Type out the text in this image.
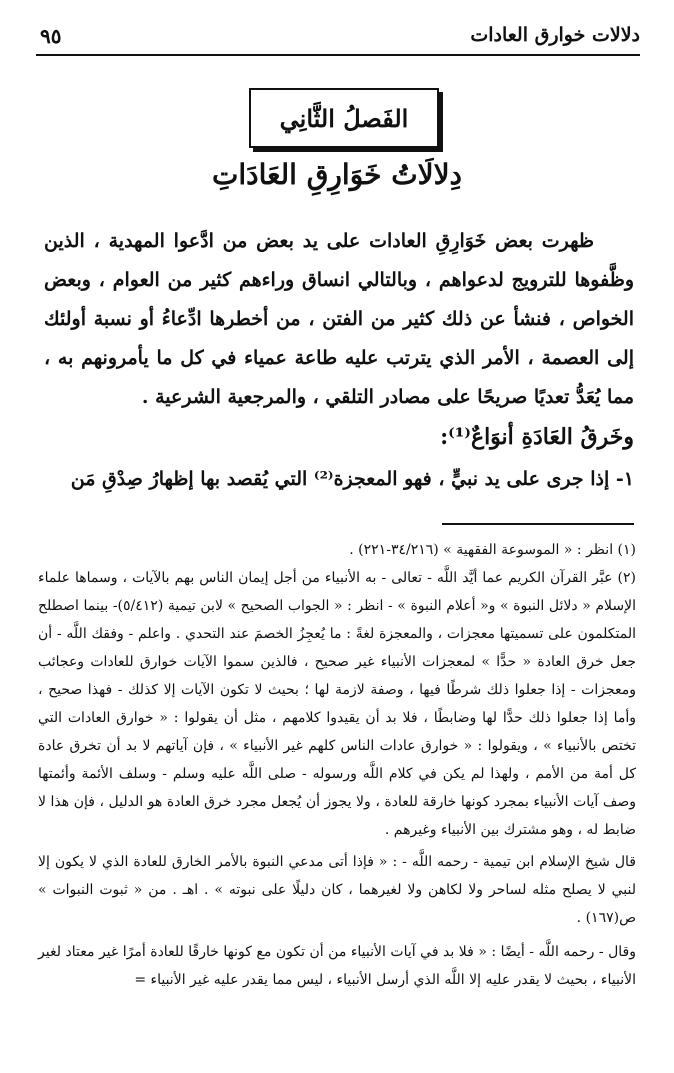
٩٥	دلالات خوارق العادات
الفَصلُ الثَّانِي
دِلالَاتُ خَوَارِقِ العَادَاتِ

ظهرت بعض خَوَارِقِ العادات على يد بعض من ادَّعوا المهدية ، الذين وظَّفوها للترويج لدعواهم ، وبالتالي انساق وراءهم كثير من العوام ، وبعض الخواص ، فنشأ عن ذلك كثير من الفتن ، من أخطرها ادِّعاءُ أو نسبة أولئك إلى العصمة ، الأمر الذي يترتب عليه طاعة عمياء في كل ما يأمرونهم به ، مما يُعَدُّ تعديًا صريحًا على مصادر التلقي ، والمرجعية الشرعية .

وخَرقُ العَادَةِ أنوَاعٌ⁽¹⁾:
١- إذا جرى على يد نبيٍّ ، فهو المعجزة⁽²⁾ التي يُقصد بها إظهارُ صِدْقِ مَن

(١) انظر : « الموسوعة الفقهية » (٣٤/٢١٦-٢٢١) .

(٢) عبَّر القرآن الكريم عما أيَّد اللَّه - تعالى - به الأنبياء من أجل إيمان الناس بهم بالآيات ، وسماها علماء الإسلام « دلائل النبوة » و« أعلام النبوة » - انظر : « الجواب الصحيح » لابن تيمية (٥/٤١٢)- بينما اصطلح المتكلمون على تسميتها معجزات ، والمعجزة لغةً : ما يُعجِزُ الخصمَ عند التحدي . واعلم - وفقك اللَّه - أن جعل خرق العادة « حدًّا » لمعجزات الأنبياء غير صحيح ، فالذين سموا الآيات خوارق للعادات وعجائب ومعجزات - إذا جعلوا ذلك شرطًا فيها ، وصفة لازمة لها ؛ بحيث لا تكون الآيات إلا كذلك - فهذا صحيح ، وأما إذا جعلوا ذلك حدًّا لها وضابطًا ، فلا بد أن يقيدوا كلامهم ، مثل أن يقولوا : « خوارق العادات التي تختص بالأنبياء » ، ويقولوا : « خوارق عادات الناس كلهم غير الأنبياء » ، فإن آياتهم لا بد أن تخرق عادة كل أمة من الأمم ، ولهذا لم يكن في كلام اللَّه ورسوله - صلى اللَّه عليه وسلم - وسلف الأئمة وأئمتها وصف آيات الأنبياء بمجرد كونها خارقة للعادة ، ولا يجوز أن يُجعل مجرد خرق العادة هو الدليل ، فإن هذا لا ضابط له ، وهو مشترك بين الأنبياء وغيرهم .

قال شيخ الإسلام ابن تيمية - رحمه اللَّه - : « فإذا أتى مدعي النبوة بالأمر الخارق للعادة الذي لا يكون إلا لنبي لا يصلح مثله لساحر ولا لكاهن ولا لغيرهما ، كان دليلًا على نبوته » . اهـ . من « ثبوت النبوات » ص(١٦٧) .

وقال - رحمه اللَّه - أيضًا : « فلا بد في آيات الأنبياء من أن تكون مع كونها خارقًا للعادة أمرًا غير معتاد لغير الأنبياء ، بحيث لا يقدر عليه إلا اللَّه الذي أرسل الأنبياء ، ليس مما يقدر عليه غير الأنبياء =
